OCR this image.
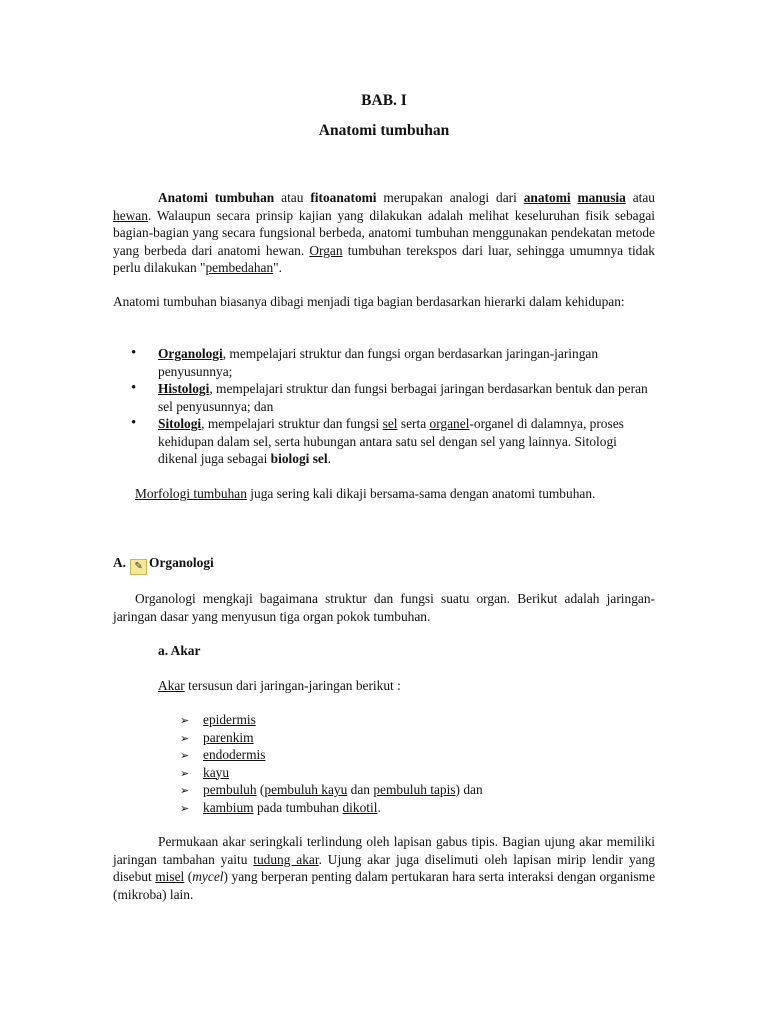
BAB. I
Anatomi tumbuhan

Anatomi tumbuhan atau fitoanatomi merupakan analogi dari anatomi manusia atau hewan. Walaupun secara prinsip kajian yang dilakukan adalah melihat keseluruhan fisik sebagai bagian-bagian yang secara fungsional berbeda, anatomi tumbuhan menggunakan pendekatan metode yang berbeda dari anatomi hewan. Organ tumbuhan terekspos dari luar, sehingga umumnya tidak perlu dilakukan "pembedahan".

Anatomi tumbuhan biasanya dibagi menjadi tiga bagian berdasarkan hierarki dalam kehidupan:

• Organologi, mempelajari struktur dan fungsi organ berdasarkan jaringan-jaringan penyusunnya;
• Histologi, mempelajari struktur dan fungsi berbagai jaringan berdasarkan bentuk dan peran sel penyusunnya; dan
• Sitologi, mempelajari struktur dan fungsi sel serta organel-organel di dalamnya, proses kehidupan dalam sel, serta hubungan antara satu sel dengan sel yang lainnya. Sitologi dikenal juga sebagai biologi sel.

Morfologi tumbuhan juga sering kali dikaji bersama-sama dengan anatomi tumbuhan.

A. ✎ Organologi

Organologi mengkaji bagaimana struktur dan fungsi suatu organ. Berikut adalah jaringan-jaringan dasar yang menyusun tiga organ pokok tumbuhan.

a. Akar

Akar tersusun dari jaringan-jaringan berikut :

➢ epidermis
➢ parenkim
➢ endodermis
➢ kayu
➢ pembuluh (pembuluh kayu dan pembuluh tapis) dan
➢ kambium pada tumbuhan dikotil.

Permukaan akar seringkali terlindung oleh lapisan gabus tipis. Bagian ujung akar memiliki jaringan tambahan yaitu tudung akar. Ujung akar juga diselimuti oleh lapisan mirip lendir yang disebut misel (mycel) yang berperan penting dalam pertukaran hara serta interaksi dengan organisme (mikroba) lain.
